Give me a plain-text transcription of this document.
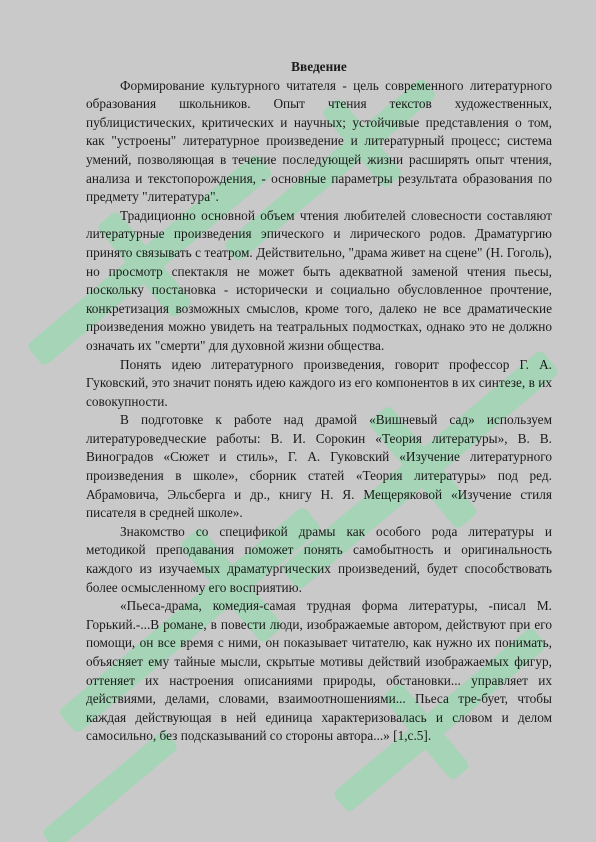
Введение

Формирование культурного читателя - цель современного литературного образования школьников. Опыт чтения текстов художественных, публицистических, критических и научных; устойчивые представления о том, как "устроены" литературное произведение и литературный процесс; система умений, позволяющая в течение последующей жизни расширять опыт чтения, анализа и текстопорождения, - основные параметры результата образования по предмету "литература".

Традиционно основной объем чтения любителей словесности составляют литературные произведения эпического и лирического родов. Драматургию принято связывать с театром. Действительно, "драма живет на сцене" (Н. Гоголь), но просмотр спектакля не может быть адекватной заменой чтения пьесы, поскольку постановка - исторически и социально обусловленное прочтение, конкретизация возможных смыслов, кроме того, далеко не все драматические произведения можно увидеть на театральных подмостках, однако это не должно означать их "смерти" для духовной жизни общества.

Понять идею литературного произведения, говорит профессор Г. А. Гуковский, это значит понять идею каждого из его компонентов в их синтезе, в их совокупности.

В подготовке к работе над драмой «Вишневый сад» используем литературоведческие работы: В. И. Сорокин «Теория литературы», В. В. Виноградов «Сюжет и стиль», Г. А. Гуковский «Изучение литературного произведения в школе», сборник статей «Теория литературы» под ред. Абрамовича, Эльсберга и др., книгу Н. Я. Мещеряковой «Изучение стиля писателя в средней школе».

Знакомство со спецификой драмы как особого рода литературы и методикой преподавания поможет понять самобытность и оригинальность каждого из изучаемых драматургических произведений, будет способствовать более осмысленному его восприятию.

«Пьеса-драма, комедия-самая трудная форма литературы, -писал М. Горький.-...В романе, в повести люди, изображаемые автором, действуют при его помощи, он все время с ними, он показывает читателю, как нужно их понимать, объясняет ему тайные мысли, скрытые мотивы действий изображаемых фигур, оттеняет их настроения описаниями природы, обстановки... управляет их действиями, делами, словами, взаимоотношениями... Пьеса тре-бует, чтобы каждая действующая в ней единица характеризовалась и словом и делом самосильно, без подсказываний со стороны автора...» [1,с.5].
